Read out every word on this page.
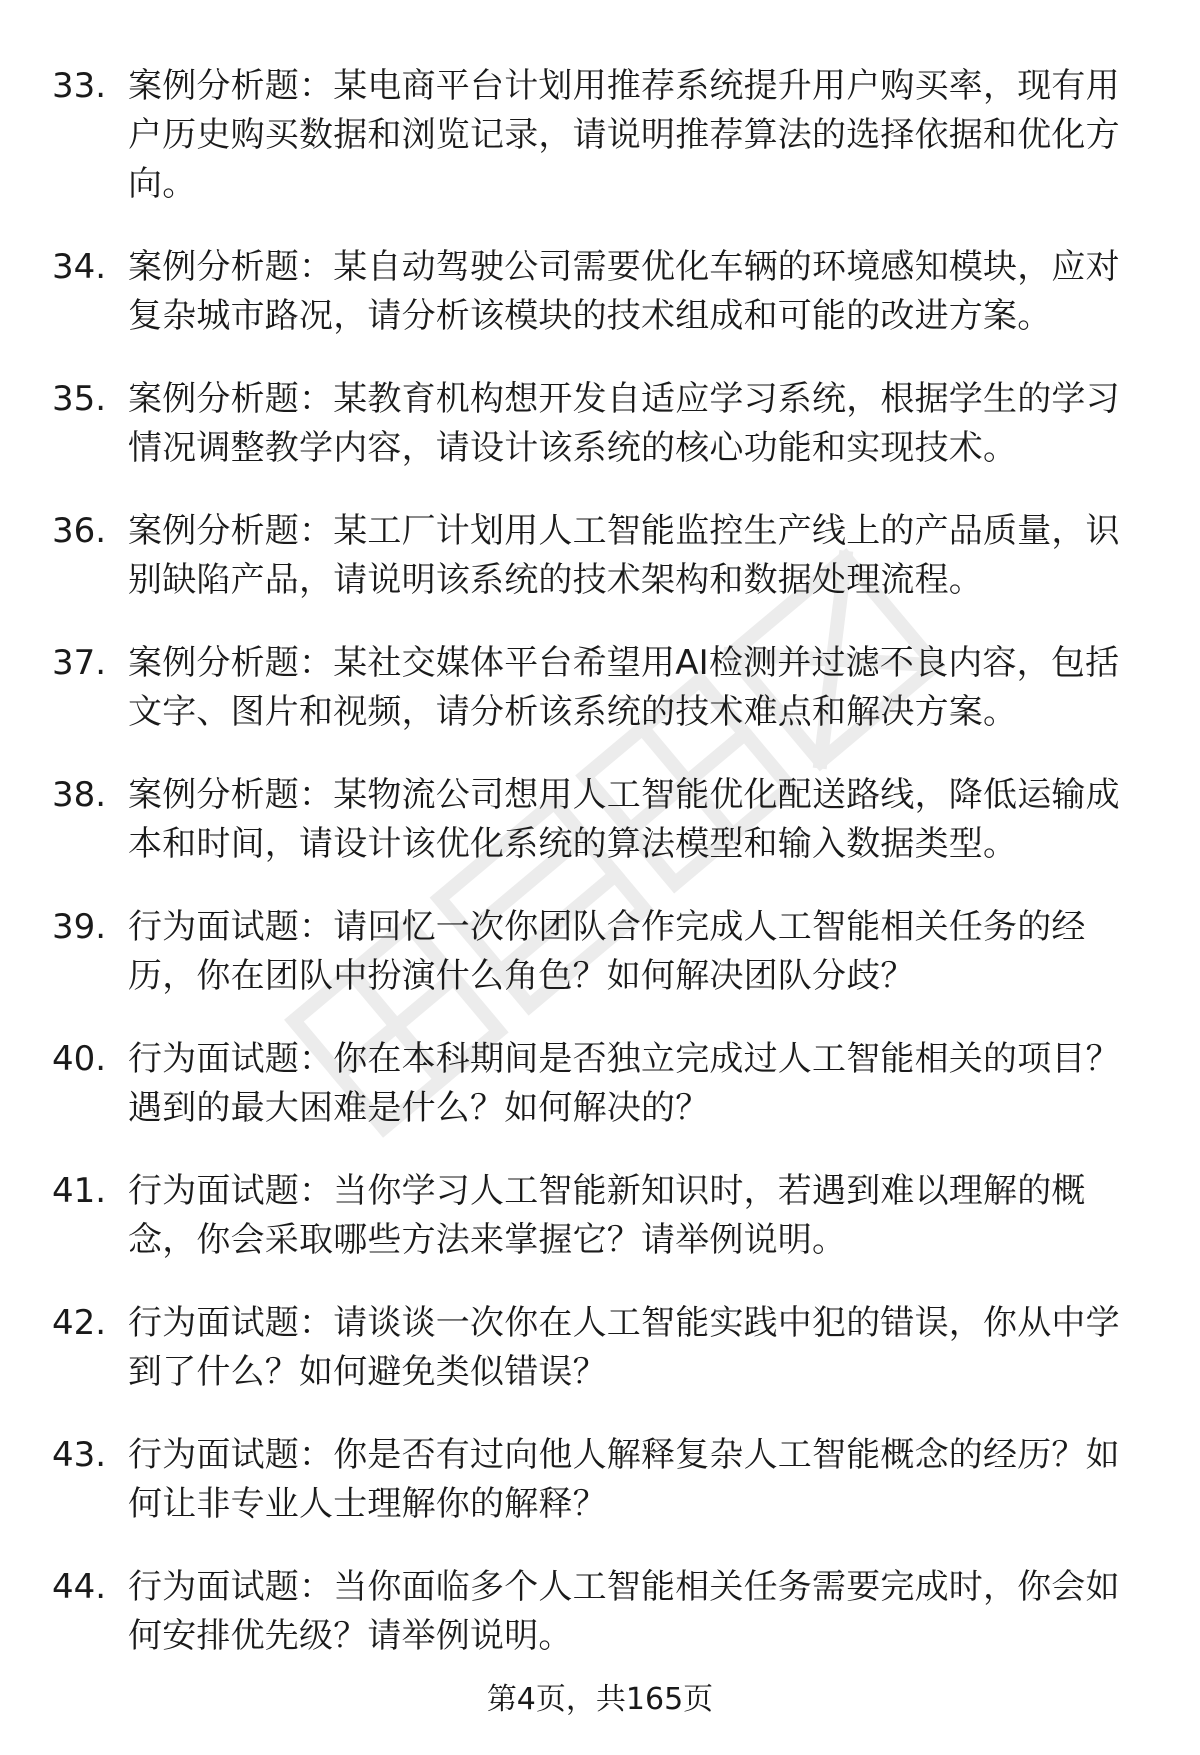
33. 案例分析题：某电商平台计划用推荐系统提升用户购买率，现有用户历史购买数据和浏览记录，请说明推荐算法的选择依据和优化方向。
34. 案例分析题：某自动驾驶公司需要优化车辆的环境感知模块，应对复杂城市路况，请分析该模块的技术组成和可能的改进方案。
35. 案例分析题：某教育机构想开发自适应学习系统，根据学生的学习情况调整教学内容，请设计该系统的核心功能和实现技术。
36. 案例分析题：某工厂计划用人工智能监控生产线上的产品质量，识别缺陷产品，请说明该系统的技术架构和数据处理流程。
37. 案例分析题：某社交媒体平台希望用AI检测并过滤不良内容，包括文字、图片和视频，请分析该系统的技术难点和解决方案。
38. 案例分析题：某物流公司想用人工智能优化配送路线，降低运输成本和时间，请设计该优化系统的算法模型和输入数据类型。
39. 行为面试题：请回忆一次你团队合作完成人工智能相关任务的经历，你在团队中扮演什么角色？如何解决团队分歧？
40. 行为面试题：你在本科期间是否独立完成过人工智能相关的项目？遇到的最大困难是什么？如何解决的？
41. 行为面试题：当你学习人工智能新知识时，若遇到难以理解的概念，你会采取哪些方法来掌握它？请举例说明。
42. 行为面试题：请谈谈一次你在人工智能实践中犯的错误，你从中学到了什么？如何避免类似错误？
43. 行为面试题：你是否有过向他人解释复杂人工智能概念的经历？如何让非专业人士理解你的解释？
44. 行为面试题：当你面临多个人工智能相关任务需要完成时，你会如何安排优先级？请举例说明。
第4页，共165页
